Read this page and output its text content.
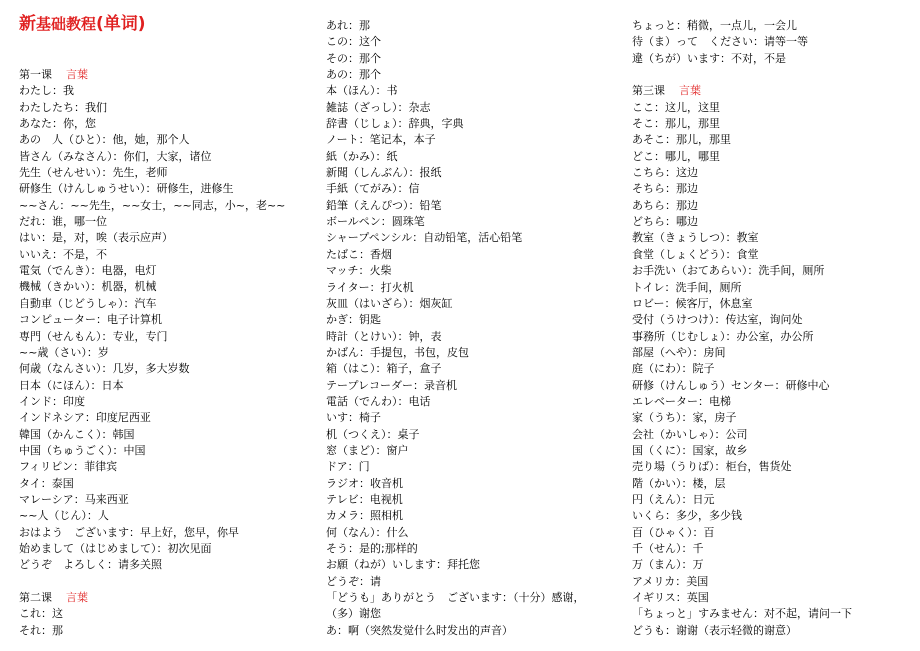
新基础教程(单词)
第一课 言葉
わたし：我
わたしたち：我们
あなた：你，您
あの　人（ひと）：他，她，那个人
皆さん（みなさん）：你们，大家，诸位
先生（せんせい）：先生，老师
研修生（けんしゅうせい）：研修生，进修生
~~さん：~~先生，~~女士，~~同志，小~，老~~
だれ：谁，哪一位
はい：是，对，唉（表示应声）
いいえ：不是，不
電気（でんき）：电器，电灯
機械（きかい）：机器，机械
自動車（じどうしゃ）：汽车
コンピューター：电子计算机
専門（せんもん）：专业，专门
~~歳（さい）：岁
何歳（なんさい）：几岁，多大岁数
日本（にほん）：日本
インド：印度
インドネシア：印度尼西亚
韓国（かんこく）：韩国
中国（ちゅうごく）：中国
フィリピン：菲律宾
タイ：泰国
マレーシア：马来西亚
~~人（じん）：人
おはよう　ございます：早上好，您早，你早
始めまして（はじめまして）：初次见面
どうぞ　よろしく：请多关照
第二课 言葉
これ：这
それ：那
あれ：那
この：这个
その：那个
あの：那个
本（ほん）：书
雑誌（ざっし）：杂志
辞書（じしょ）：辞典，字典
ノート：笔记本，本子
紙（かみ）：纸
新聞（しんぶん）：报纸
手紙（てがみ）：信
鉛筆（えんぴつ）：铅笔
ボールペン：圆珠笔
シャープペンシル：自动铅笔，活心铅笔
たばこ：香烟
マッチ：火柴
ライター：打火机
灰皿（はいざら）：烟灰缸
かぎ：钥匙
時計（とけい）：钟，表
かばん：手提包，书包，皮包
箱（はこ）：箱子，盒子
テープレコーダー：录音机
電話（でんわ）：电话
いす：椅子
机（つくえ）：桌子
窓（まど）：窗户
ドア：门
ラジオ：收音机
テレビ：电视机
カメラ：照相机
何（なん）：什么
そう：是的;那样的
お願（ねが）いします：拜托您
どうぞ：请
「どうも」ありがとう　ございます：（十分）感谢，
（多）谢您
あ：啊（突然发觉什么时发出的声音）
ちょっと：稍微，一点儿，一会儿
待（ま）って　ください：请等一等
違（ちが）います：不对，不是
第三课 言葉
ここ：这儿，这里
そこ：那儿，那里
あそこ：那儿，那里
どこ：哪儿，哪里
こちら：这边
そちら：那边
あちら：那边
どちら：哪边
教室（きょうしつ）：教室
食堂（しょくどう）：食堂
お手洗い（おてあらい）：洗手间，厕所
トイレ：洗手间，厕所
ロビー：候客厅，休息室
受付（うけつけ）：传达室，询问处
事務所（じむしょ）：办公室，办公所
部屋（へや）：房间
庭（にわ）：院子
研修（けんしゅう）センター：研修中心
エレベーター：电梯
家（うち）：家，房子
会社（かいしゃ）：公司
国（くに）：国家，故乡
売り場（うりば）：柜台，售货处
階（かい）：楼，层
円（えん）：日元
いくら：多少，多少钱
百（ひゃく）：百
千（せん）：千
万（まん）：万
アメリカ：美国
イギリス：英国
「ちょっと」すみません：对不起，请问一下
どうも：谢谢（表示轻微的谢意）
